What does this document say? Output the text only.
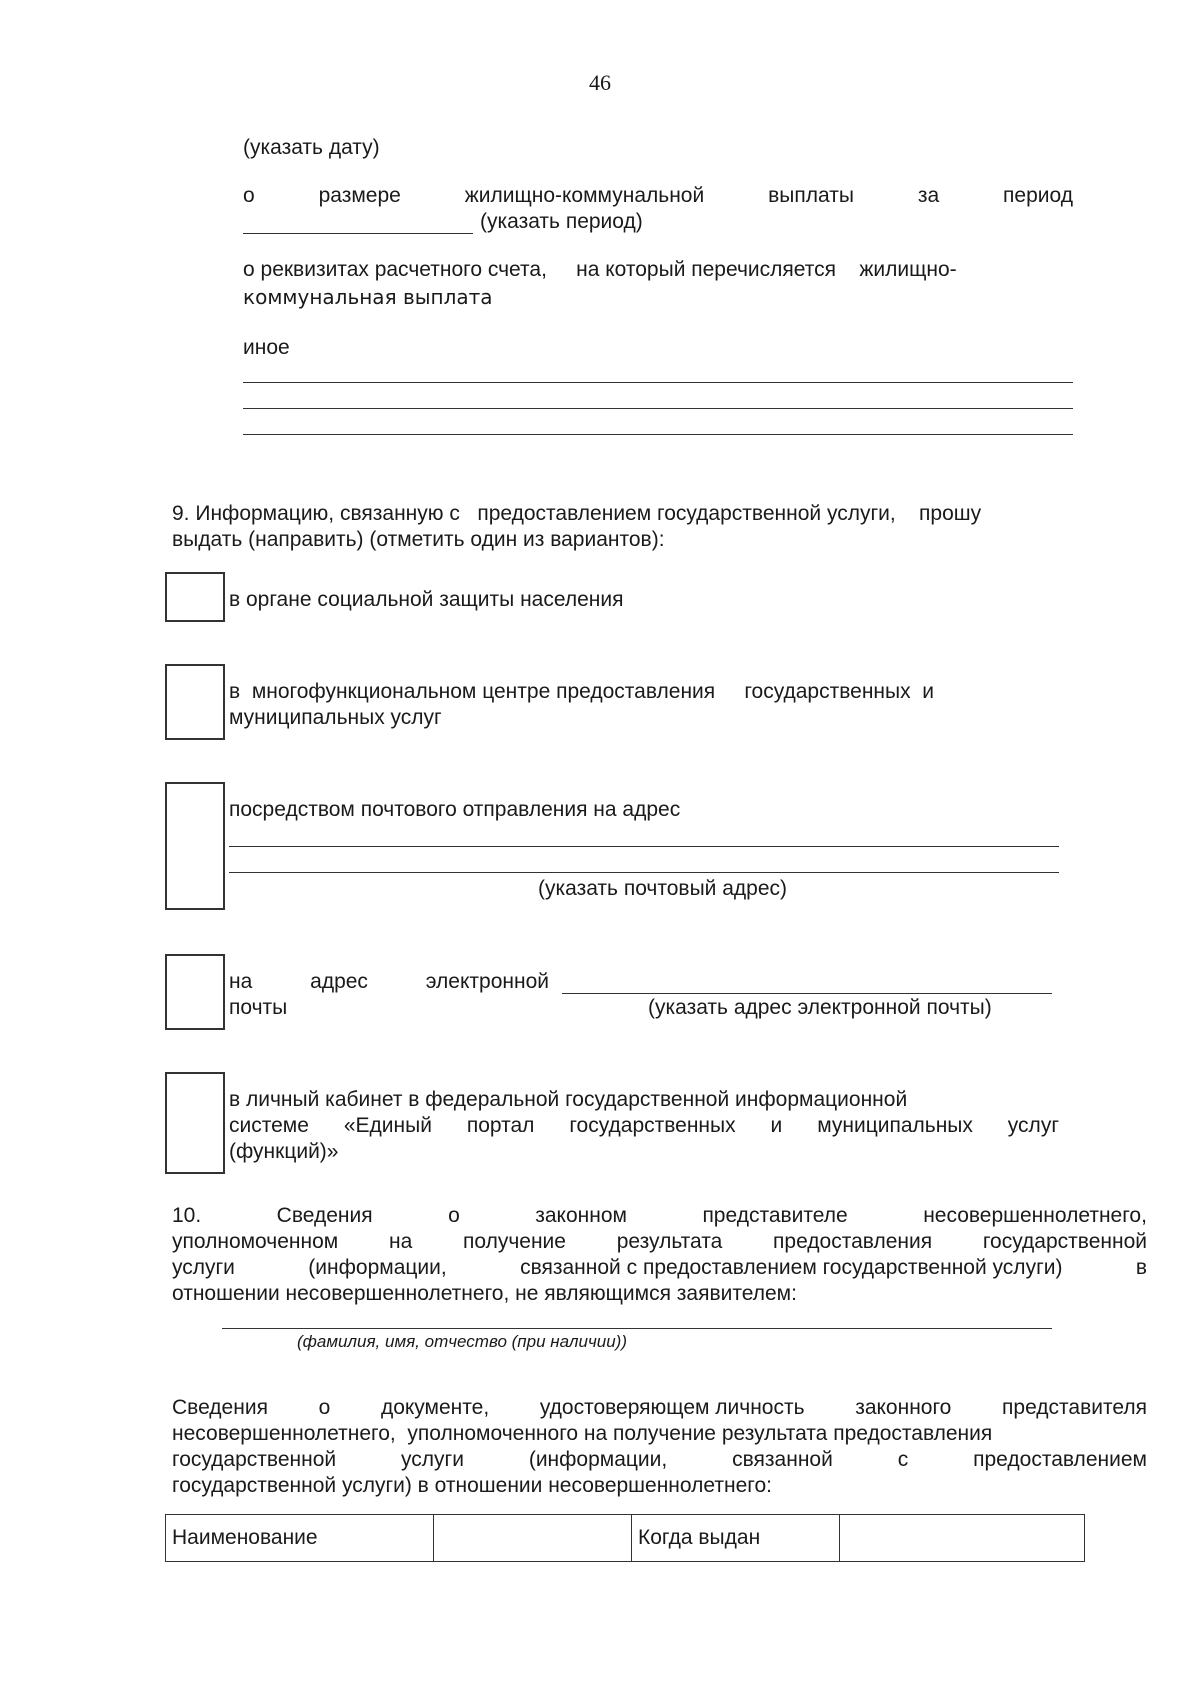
46
(указать дату)
о	размере	жилищно-коммунальной	выплаты	за	период
(указать период)
о реквизитах расчетного счета,     на который перечисляется    жилищно-
коммунальная выплата
иное
9. Информацию, связанную с   предоставлением государственной услуги,    прошу
выдать (направить) (отметить один из вариантов):
в органе социальной защиты населения
в  многофункциональном центре предоставления     государственных  и
муниципальных услуг
посредством почтового отправления на адрес
(указать почтовый адрес)
на	адрес	электронной
почты	(указать адрес электронной почты)
в личный кабинет в федеральной государственной информационной
системе «Единый портал государственных и муниципальных услуг
(функций)»
10.	Сведения	о	законном	представителе	несовершеннолетнего,
уполномоченном на получение результата предоставления государственной
услуги	(информации,	связанной с предоставлением государственной услуги)	в
отношении несовершеннолетнего, не являющимся заявителем:
(фамилия, имя, отчество (при наличии))
Сведения о документе, удостоверяющем личность законного представителя
несовершеннолетнего,  уполномоченного на получение результата предоставления
государственной	услуги	(информации,	связанной	с	предоставлением
государственной услуги) в отношении несовершеннолетнего:
Наименование		Когда выдан	
